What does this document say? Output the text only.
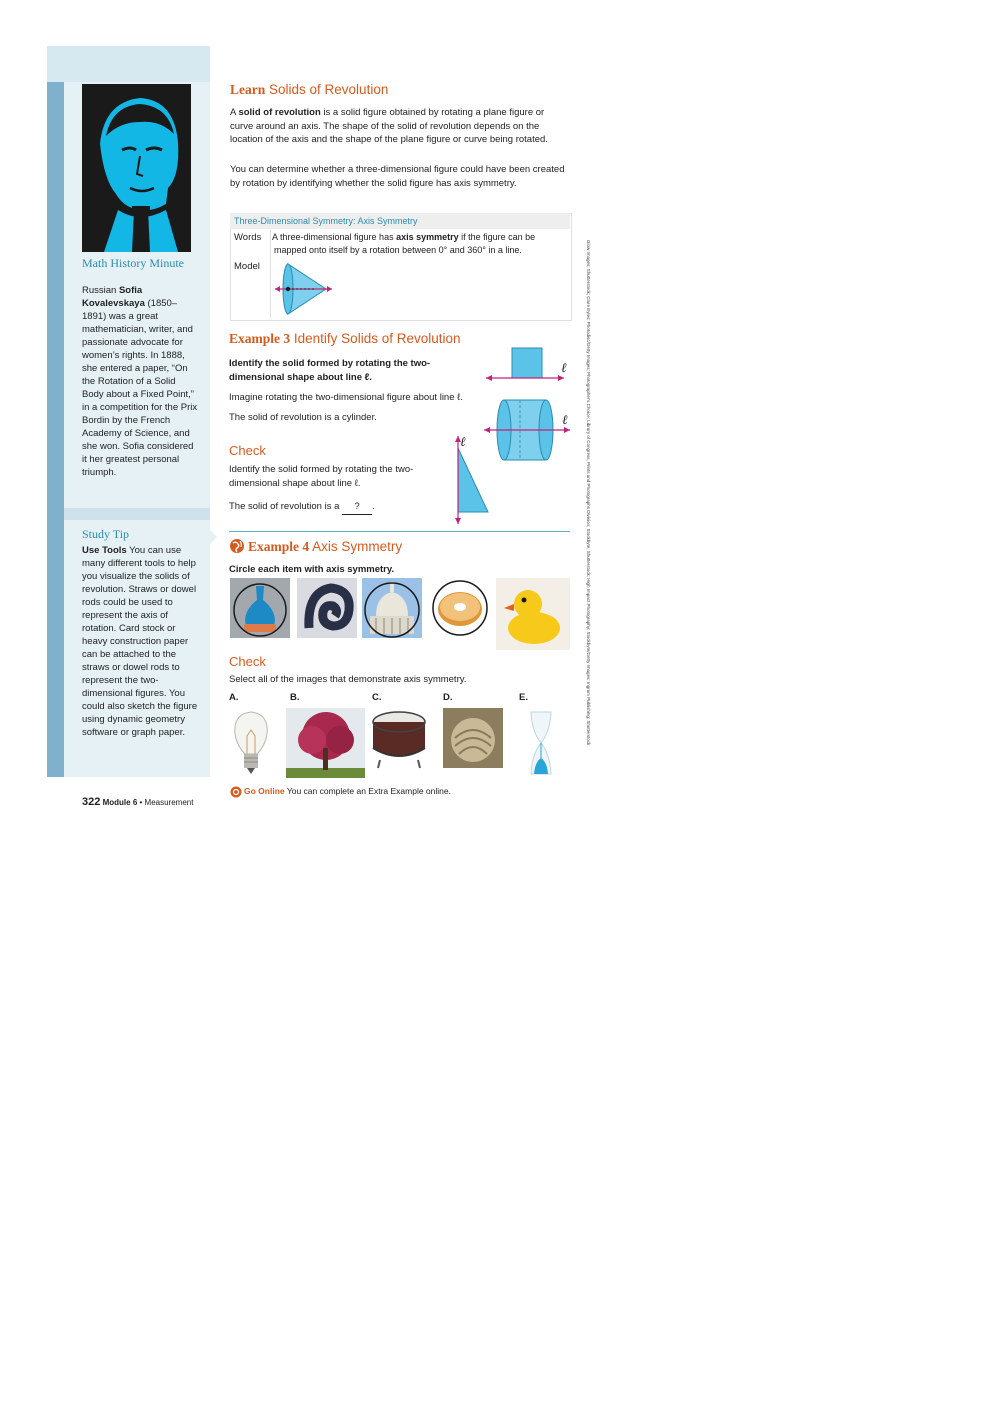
Math History Minute
Russian Sofia Kovalevskaya (1850–1891) was a great mathematician, writer, and passionate advocate for women’s rights. In 1888, she entered a paper, “On the Rotation of a Solid Body about a Fixed Point,” in a competition for the Prix Bordin by the French Academy of Science, and she won. Sofia considered it her greatest personal triumph.
Study Tip
Use Tools You can use many different tools to help you visualize the solids of revolution. Straws or dowel rods could be used to represent the axis of rotation. Card stock or heavy construction paper can be attached to the straws or dowel rods to represent the two-dimensional figures. You could also sketch the figure using dynamic geometry software or graph paper.
Learn Solids of Revolution
A solid of revolution is a solid figure obtained by rotating a plane figure or curve around an axis. The shape of the solid of revolution depends on the location of the axis and the shape of the plane figure or curve being rotated.
You can determine whether a three-dimensional figure could have been created by rotation by identifying whether the solid figure has axis symmetry.
Three-Dimensional Symmetry: Axis Symmetry
Words	A three-dimensional figure has axis symmetry if the figure can be mapped onto itself by a rotation between 0° and 360° in a line.
Model
Example 3 Identify Solids of Revolution
Identify the solid formed by rotating the two-dimensional shape about line ℓ.
Imagine rotating the two-dimensional figure about line ℓ.
The solid of revolution is a cylinder.
ℓ
ℓ
Check
Identify the solid formed by rotating the two-dimensional shape about line ℓ.
The solid of revolution is a ? .
ℓ
Example 4 Axis Symmetry
Circle each item with axis symmetry.
Check
Select all of the images that demonstrate axis symmetry.
A.	B.	C.	D.	E.
Go Online You can complete an Extra Example online.
322 Module 6 • Measurement
Glow Images; Shutterstock; Clare Eyles; Photodisc/Getty Images; Photographer's Choice; Library of Congress, Prints and Photographs Division; Stockbyte; Shutterstock; High Impact Photography; Stockbyte/Getty Images; Ingram Publishing; Shutterstock
